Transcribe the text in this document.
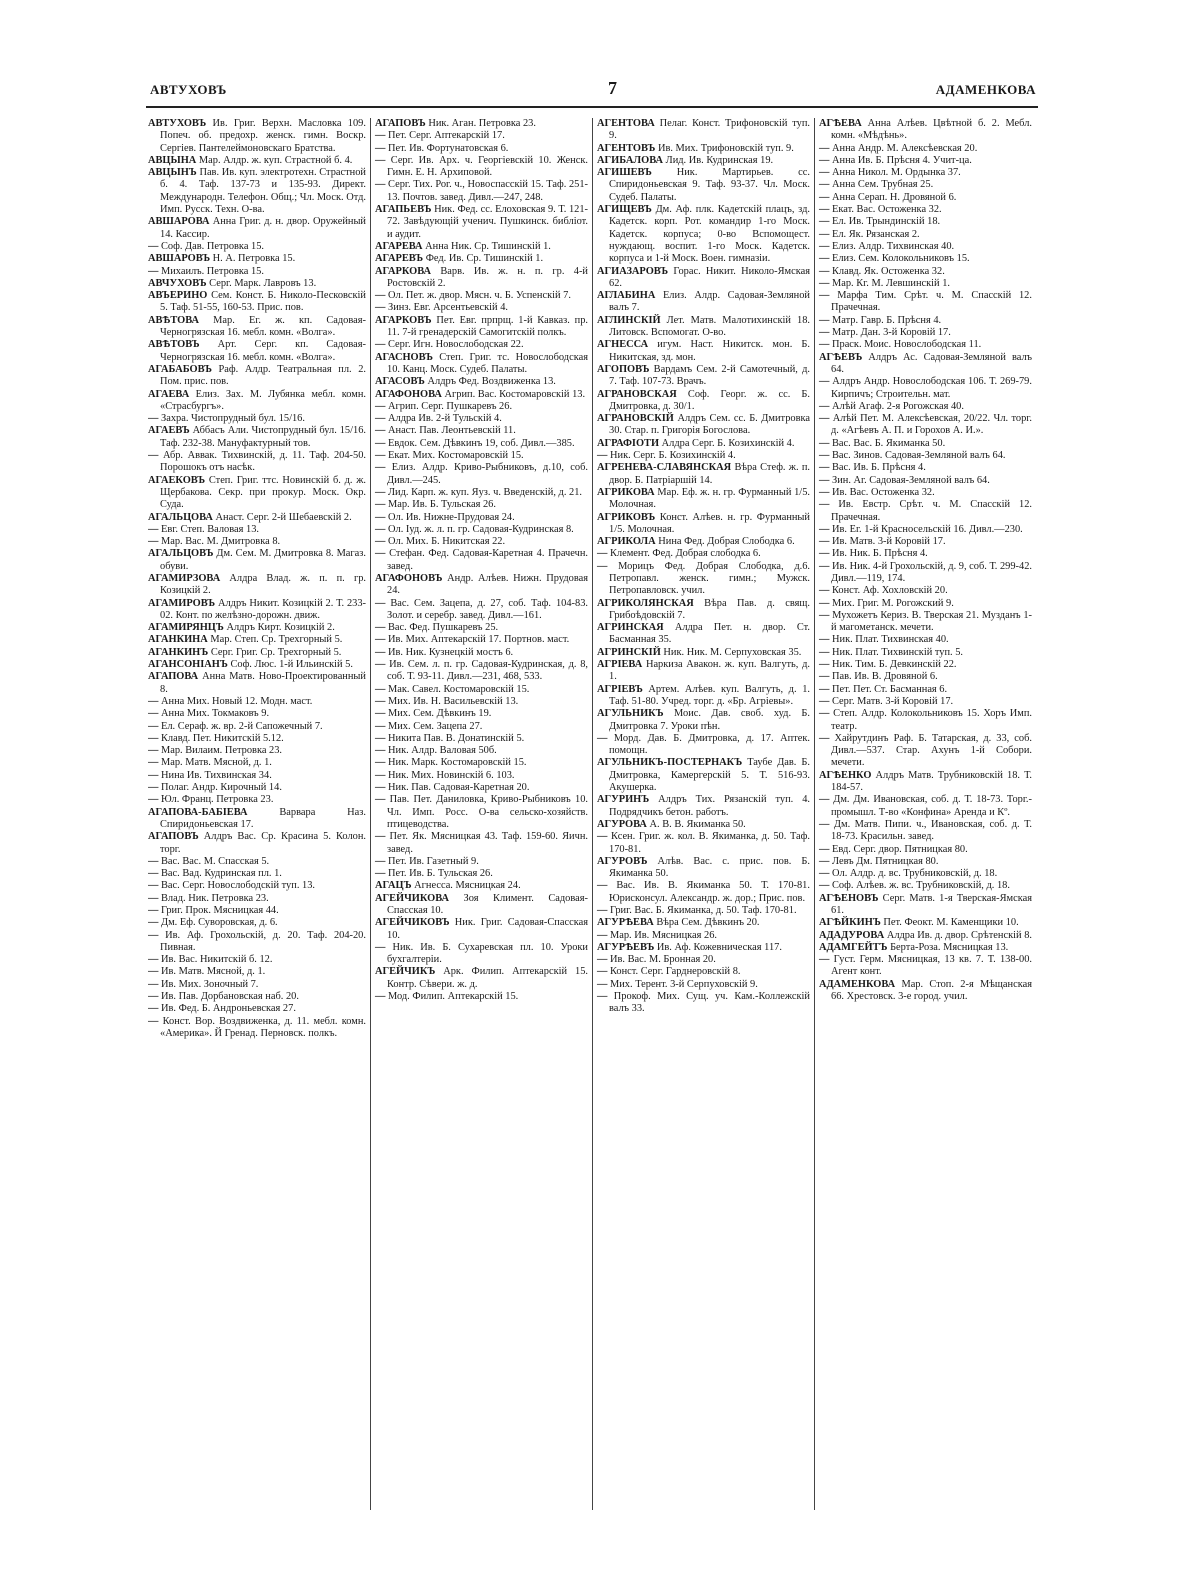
АВТУХОВЪ	7	АДАМЕНКОВА

АВТУХОВЪ Ив. Григ. Верхн. Масловка 109. Попеч. об. предохр. женск. гимн. Воскр. Сергіев. Пантелеймоновскаго Братства.

АВЦЫНА Мар. Алдр. ж. куп. Страстной б. 4.

АВЦЫНЪ Пав. Ив. куп. электротехн. Страстной б. 4. Таф. 137-73 и 135-93. Директ. Международн. Телефон. Общ.; Чл. Моск. Отд. Имп. Русск. Техн. О-ва.

АВШАРОВА Анна Григ. д. н. двор. Оружейный 14. Кассир.

— Соф. Дав. Петровка 15.

АВШАРОВЪ Н. А. Петровка 15.

— Михаилъ. Петровка 15.

АВЧУХОВЪ Серг. Марк. Лавровъ 13.

АВЪЕРИНО Сем. Конст. Б. Николо-Песковскій 5. Таф. 51-55, 160-53. Прис. пов.

АВѢТОВА Мар. Ег. ж. кп. Садовая-Черногрязская 16. мебл. комн. «Волга».

АВѢТОВЪ Арт. Серг. кп. Садовая-Черногрязская 16. мебл. комн. «Волга».

АГАБАБОВЪ Раф. Алдр. Театральная пл. 2. Пом. прис. пов.

АГАЕВА Елиз. Зах. М. Лубянка мебл. комн. «Страсбургъ».

— Захра. Чистопрудный бул. 15/16.

АГАЕВЪ Аббасъ Али. Чистопрудный бул. 15/16. Таф. 232-38. Мануфактурный тов.

— Абр. Аввак. Тихвинскій, д. 11. Таф. 204-50. Порошокъ отъ насѣк.

АГАЕКОВЪ Степ. Григ. ттс. Новинскій б. д. ж. Щербакова. Секр. при прокур. Моск. Окр. Суда.

АГАЛЬЦОВА Анаст. Серг. 2-й Шебаевскій 2.

— Евг. Степ. Валовая 13.

— Мар. Вас. М. Дмитровка 8.

АГАЛЬЦОВЪ Дм. Сем. М. Дмитровка 8. Магаз. обуви.

АГАМИРЗОВА Алдра Влад. ж. п. п. гр. Козицкій 2.

АГАМИРОВЪ Алдръ Никит. Козицкій 2. Т. 233-02. Конт. по желѣзно-дорожн. движ.

АГАМИРЯНЦЪ Алдръ Кирт. Козицкій 2.

АГАНКИНА Мар. Степ. Ср. Трехгорный 5.

АГАНКИНЪ Серг. Григ. Ср. Трехгорный 5.

АГАНСОНІАНЪ Соф. Люс. 1-й Ильинскій 5.

АГАПОВА Анна Матв. Ново-Проектированный 8.

— Анна Мих. Новый 12. Модн. маст.

— Анна Мих. Токмаковъ 9.

— Ел. Сераф. ж. вр. 2-й Сапожечный 7.

— Клавд. Пет. Никитскій 5.12.

— Мар. Вилаим. Петровка 23.

— Мар. Матв. Мясной, д. 1.

— Нина Ив. Тихвинская 34.

— Полаг. Андр. Кирочный 14.

— Юл. Франц. Петровка 23.

АГАПОВА-БАБІЕВА	Варвара Наз. Спиридоньевская 17.

АГАПОВЪ Алдръ Вас. Ср. Красина 5. Колон. торг.

— Вас. Вас. М. Спасская 5.

— Вас. Вад. Кудринская пл. 1.

— Вас. Серг. Новослободскій туп. 13.

— Влад. Ник. Петровка 23.

— Григ. Прок. Мясницкая 44.

— Дм. Еф. Суворовская, д. 6.

— Ив. Аф. Грохольскій, д. 20. Таф. 204-20. Пивная.

— Ив. Вас. Никитскій б. 12.

— Ив. Матв. Мясной, д. 1.

— Ив. Мих. Зоночный 7.

— Ив. Пав. Дорбановская наб. 20.

— Ив. Фед. Б. Андроньевская 27.

— Конст. Вор. Воздвиженка, д. 11. мебл. комн. «Америка». Й Гренад. Перновск. полкъ.

АГАПОВЪ Ник. Аган. Петровка 23.

— Пет. Серг. Аптекарскій 17.

— Пет. Ив. Фортунатовская 6.

— Серг. Ив. Арх. ч. Георгіевскій 10. Женск. Гимн. Е. Н. Архиповой.

— Серг. Тих. Рог. ч., Новоспасскій 15. Таф. 251-13. Почтов. завед. Дивл.—247, 248.

АГАПЬЕВЪ Ник. Фед. сс. Елоховская 9. Т. 121-72. Завѣдующій ученич. Пушкинск. библіот. и аудит.

АГАРЕВА Анна Ник. Ср. Тишинскій 1.

АГАРЕВЪ Фед. Ив. Ср. Тишинскій 1.

АГАРКОВА Варв. Ив. ж. н. п. гр. 4-й Ростовскій 2.

— Ол. Пет. ж. двор. Мясн. ч. Б. Успенскій 7.

— Зинз. Евг. Арсентьевскій 4.

АГАРКОВЪ Пет. Евг. прпрщ. 1-й Кавказ. пр. 11. 7-й гренадерскій Самогитскій полкъ.

— Серг. Игн. Новослободская 22.

АГАСНОВЪ Степ. Григ. тс. Новослободская 10. Канц. Моск. Судеб. Палаты.

АГАСОВЪ Алдръ Фед. Воздвиженка 13.

АГАФОНОВА Агрип. Вас. Костомаровскій 13.

— Агрип. Серг. Пушкаревъ 26.

— Алдра Ив. 2-й Тульскій 4.

— Анаст. Пав. Леонтьевскій 11.

— Евдок. Сем. Дѣвкинъ 19, соб. Дивл.—385.

— Екат. Мих. Костомаровскій 15.

— Елиз. Алдр. Криво-Рыбниковъ, д.10, соб. Дивл.—245.

— Лид. Карп. ж. куп. Яуз. ч. Введенскій, д. 21.

— Мар. Ив. Б. Тульская 26.

— Ол. Ив. Нижне-Прудовая 24.

— Ол. Іуд. ж. л. п. гр. Садовая-Кудринская 8.

— Ол. Мих. Б. Никитская 22.

— Стефан. Фед. Садовая-Каретная 4. Прачечн. завед.

АГАФОНОВЪ Андр. Алѣев. Нижн. Прудовая 24.

— Вас. Сем. Зацепа, д. 27, соб. Таф. 104-83. Золот. и серебр. завед. Дивл.—161.

— Вас. Фед. Пушкаревъ 25.

— Ив. Мих. Аптекарскій 17. Портнов. маст.

— Ив. Ник. Кузнецкій мостъ 6.

— Ив. Сем. л. п. гр. Садовая-Кудринская, д. 8, соб. Т. 93-11. Дивл.—231, 468, 533.

— Мак. Савел. Костомаровскій 15.

— Мих. Ив. Н. Васильевскій 13.

— Мих. Сем. Дѣвкинъ 19.

— Мих. Сем. Зацепа 27.

— Никита Пав. В. Донатинскій 5.

— Ник. Алдр. Валовая 50б.

— Ник. Марк. Костомаровскій 15.

— Ник. Мих. Новинскій 6. 103.

— Ник. Пав. Садовая-Каретная 20.

— Пав. Пет. Даниловка, Криво-Рыбниковъ 10. Чл. Имп. Росс. О-ва сельско-хозяйств. птицеводства.

— Пет. Як. Мясницкая 43. Таф. 159-60. Яичн. завед.

— Пет. Ив. Газетный 9.

— Пет. Ив. Б. Тульская 26.

АГАЦЪ Агнесса. Мясницкая 24.

АГЕЙЧИКОВА Зоя Климент. Садовая-Спасская 10.

АГЕЙЧИКОВЪ Ник. Григ. Садовая-Спасская 10.

— Ник. Ив. Б. Сухаревская пл. 10. Уроки бухгалтеріи.

АГЕЙЧИКЪ Арк. Филип. Аптекарскій 15. Контр. Сѣвери. ж. д.

— Мод. Филип. Аптекарскій 15.

АГЕНТОВА Пелаг. Конст. Трифоновскій туп. 9.

АГЕНТОВЪ Ив. Мих. Трифоновскій туп. 9.

АГИБАЛОВА Лид. Ив. Кудринская 19.

АГИШЕВЪ Ник. Мартирьев. сс. Спиридоньевская 9. Таф. 93-37. Чл. Моск. Судеб. Палаты.

АГИЩЕВЪ Дм. Аф. плк. Кадетскій плацъ, зд. Кадетск. корп. Рот. командир 1-го Моск. Кадетск. корпуса; 0-во Вспомощест. нуждающ. воспит. 1-го Моск. Кадетск. корпуса и 1-й Моск. Воен. гимназіи.

АГИАЗАРОВЪ Горас. Никит. Николо-Ямская 62.

АГЛАБИНА Елиз. Алдр. Садовая-Земляной валъ 7.

АГЛИНСКІЙ Лет. Матв. Малотихинскій 18. Литовск. Вспомогат. О-во.

АГНЕССА игум. Наст. Никитск. мон. Б. Никитская, зд. мон.

АГОПОВЪ Вардамъ Сем. 2-й Самотечный, д. 7. Таф. 107-73. Врачъ.

АГРАНОВСКАЯ Соф. Георг. ж. сс. Б. Дмитровка, д. 30/1.

АГРАНОВСКІЙ Алдръ Сем. сс. Б. Дмитровка 30. Стар. п. Григорія Богослова.

АГРАФІОТИ Алдра Серг. Б. Козихинскій 4.

— Ник. Серг. Б. Козихинскій 4.

АГРЕНЕВА-СЛАВЯНСКАЯ Вѣра Стеф. ж. п. двор. Б. Патріаршій 14.

АГРИКОВА Мар. Еф. ж. н. гр. Фурманный 1/5. Молочная.

АГРИКОВЪ Конст. Алѣев. н. гр. Фурманный 1/5. Молочная.

АГРИКОЛА Нина Фед. Добрая Слободка 6.

— Клемент. Фед. Добрая слободка 6.

— Морицъ Фед. Добрая Слободка, д.6. Петропавл. женск. гимн.; Мужск. Петропавловск. учил.

АГРИКОЛЯНСКАЯ Вѣра Пав. д. свящ. Грибоѣдовскій 7.

АГРИНСКАЯ Алдра Пет. н. двор. Ст. Басманная 35.

АГРИНСКІЙ Ник. Ник. М. Серпуховская 35.

АГРІЕВА Наркиза Авакон. ж. куп. Валгуть, д. 1.

АГРІЕВЪ Артем. Алѣев. куп. Валгуть, д. 1. Таф. 51-80. Учред. торг. д. «Бр. Агріевы».

АГУЛЬНИКЪ Моис. Дав. своб. худ. Б. Дмитровка 7. Уроки пѣн.

— Морд. Дав. Б. Дмитровка, д. 17. Аптек. помощн.

АГУЛЬНИКЪ-ПОСТЕРНАКЪ Таубе Дав. Б. Дмитровка, Камергерскій 5. Т. 516-93. Акушерка.

АГУРИНЪ Алдръ Тих. Рязанскій туп. 4. Подрядчикъ бетон. работъ.

АГУРОВА А. В. В. Якиманка 50.

— Ксен. Григ. ж. кол. В. Якиманка, д. 50. Таф. 170-81.

АГУРОВЪ Алѣв. Вас. с. прис. пов. Б. Якиманка 50.

— Вас. Ив. В. Якиманка 50. Т. 170-81. Юрисконсул. Александр. ж. дор.; Прис. пов.

— Григ. Вас. Б. Якиманка, д. 50. Таф. 170-81.

АГУРѢЕВА Вѣра Сем. Дѣвкинъ 20.

— Мар. Ив. Мясницкая 26.

АГУРѢЕВЪ Ив. Аф. Кожевническая 117.

— Ив. Вас. М. Бронная 20.

— Конст. Серг. Гарднеровскій 8.

— Мих. Терент. 3-й Серпуховскій 9.

— Прокоф. Мих. Сущ. уч. Кам.-Коллежскій валъ 33.

АГѢЕВА Анна Алѣев. Цвѣтной б. 2. Мебл. комн. «Мѣдѣнь».

— Анна Андр. М. Алексѣевская 20.

— Анна Ив. Б. Прѣсня 4. Учит-ца.

— Анна Никол. М. Ордынка 37.

— Анна Сем. Трубная 25.

— Анна Серап. Н. Дровяной 6.

— Екат. Вас. Остоженка 32.

— Ел. Ив. Трындинскій 18.

— Ел. Як. Рязанская 2.

— Елиз. Алдр. Тихвинская 40.

— Елиз. Сем. Колокольниковъ 15.

— Клавд. Як. Остоженка 32.

— Мар. Кг. М. Левшинскій 1.

— Марфа Тим. Срѣт. ч. М. Спасскій 12. Прачечная.

— Матр. Гавр. Б. Прѣсня 4.

— Матр. Дан. 3-й Коровій 17.

— Праск. Моис. Новослободская 11.

АГѢЕВЪ Алдръ Ас. Садовая-Земляной валъ 64.

— Алдръ Андр. Новослободская 106. Т. 269-79. Кирпичъ; Строительн. мат.

— Алѣй Агаф. 2-я Рогожская 40.

— Алѣй Пет. М. Алексѣевская, 20/22. Чл. торг. д. «Агѣевъ А. П. и Горохов А. И.».

— Вас. Вас. Б. Якиманка 50.

— Вас. Зинов. Садовая-Земляной валъ 64.

— Вас. Ив. Б. Прѣсня 4.

— Зин. Аг. Садовая-Земляной валъ 64.

— Ив. Вас. Остоженка 32.

— Ив. Евстр. Срѣт. ч. М. Спасскій 12. Прачечная.

— Ив. Ег. 1-й Красносельскій 16. Дивл.—230.

— Ив. Матв. 3-й Коровій 17.

— Ив. Ник. Б. Прѣсня 4.

— Ив. Ник. 4-й Грохольскій, д. 9, соб. Т. 299-42. Дивл.—119, 174.

— Конст. Аф. Хохловскій 20.

— Мих. Григ. М. Рогожский 9.

— Мухожетъ Кериз. В. Тверская 21. Музданъ 1-й магометанск. мечети.

— Ник. Плат. Тихвинская 40.

— Ник. Плат. Тихвинскій туп. 5.

— Ник. Тим. Б. Девкинскій 22.

— Пав. Ив. В. Дровяной 6.

— Пет. Пет. Ст. Басманная 6.

— Серг. Матв. 3-й Коровій 17.

— Степ. Алдр. Колокольниковъ 15. Хоръ Имп. театр.

— Хайрутдинъ Раф. Б. Татарская, д. 33, соб. Дивл.—537. Стар. Ахунъ 1-й Собори. мечети.

АГѢЕНКО Алдръ Матв. Трубниковскій 18. Т. 184-57.

— Дм. Дм. Ивановская, соб. д. Т. 18-73. Торг.-промышл. Т-во «Конфина» Аренда и Кº.

— Дм. Матв. Пипи. ч., Ивановская, соб. д. Т. 18-73. Красильн. завед.

— Евд. Серг. двор. Пятницкая 80.

— Левъ Дм. Пятницкая 80.

— Ол. Алдр. д. вс. Трубниковскій, д. 18.

— Соф. Алѣев. ж. вс. Трубниковскій, д. 18.

АГѢЕНОВЪ Серг. Матв. 1-я Тверская-Ямская 61.

АГѢЙКИНЪ Пет. Феокт. М. Каменщики 10.

АДАДУРОВА Алдра Ив. д. двор. Срѣтенскій 8.

АДАМГЕЙТЪ Берта-Роза. Мясницкая 13.

— Густ. Герм. Мясницкая, 13 кв. 7. Т. 138-00. Агент конт.

АДАМЕНКОВА Мар. Стоп. 2-я Мѣщанская 66. Хрестовск. 3-е город. учил.
